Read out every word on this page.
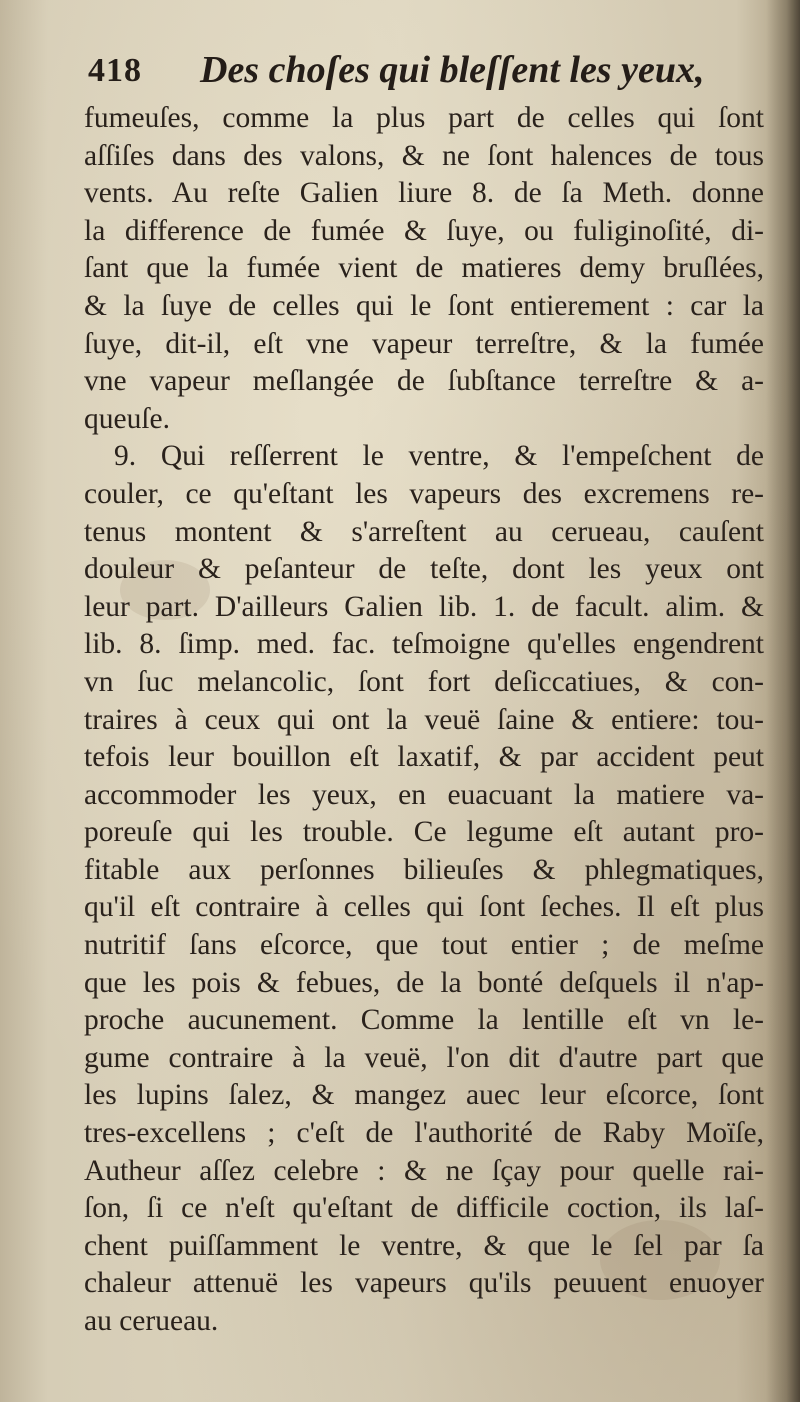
418 Des choſes qui bleſſent les yeux,
fumeuſes, comme la plus part de celles qui ſont
aſſiſes dans des valons, & ne ſont halences de tous
vents. Au reſte Galien liure 8. de ſa Meth. donne
la difference de fumée & ſuye, ou fuliginoſité, di-
ſant que la fumée vient de matieres demy bruſlées,
& la ſuye de celles qui le ſont entierement : car la
ſuye, dit-il, eſt vne vapeur terreſtre, & la fumée
vne vapeur meſlangée de ſubſtance terreſtre & a-
queuſe.
9. Qui reſſerrent le ventre, & l'empeſchent de
couler, ce qu'eſtant les vapeurs des excremens re-
tenus montent & s'arreſtent au cerueau, cauſent
douleur & peſanteur de teſte, dont les yeux ont
leur part. D'ailleurs Galien lib. 1. de facult. alim. &
lib. 8. ſimp. med. fac. teſmoigne qu'elles engendrent
vn ſuc melancolic, ſont fort deſiccatiues, & con-
traires à ceux qui ont la veuë ſaine & entiere: tou-
tefois leur bouillon eſt laxatif, & par accident peut
accommoder les yeux, en euacuant la matiere va-
poreuſe qui les trouble. Ce legume eſt autant pro-
fitable aux perſonnes bilieuſes & phlegmatiques,
qu'il eſt contraire à celles qui ſont ſeches. Il eſt plus
nutritif ſans eſcorce, que tout entier ; de meſme
que les pois & febues, de la bonté deſquels il n'ap-
proche aucunement. Comme la lentille eſt vn le-
gume contraire à la veuë, l'on dit d'autre part que
les lupins ſalez, & mangez auec leur eſcorce, ſont
tres-excellens ; c'eſt de l'authorité de Raby Moïſe,
Autheur aſſez celebre : & ne ſçay pour quelle rai-
ſon, ſi ce n'eſt qu'eſtant de difficile coction, ils laſ-
chent puiſſamment le ventre, & que le ſel par ſa
chaleur attenuë les vapeurs qu'ils peuuent enuoyer
au cerueau.
